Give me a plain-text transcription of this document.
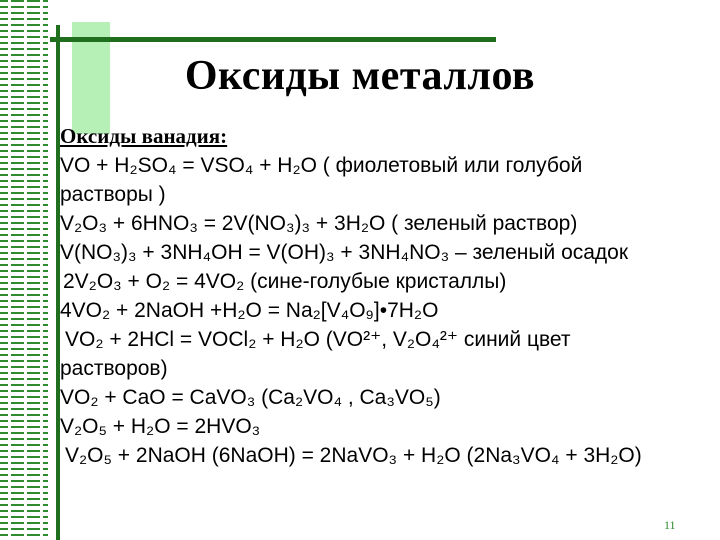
Оксиды металлов
Оксиды ванадия:
VO + H₂SO₄ = VSO₄ + H₂O ( фиолетовый или голубой
растворы )
V₂O₃ + 6HNO₃ = 2V(NO₃)₃ + 3H₂O ( зеленый раствор)
V(NO₃)₃ + 3NH₄OH = V(OH)₃ + 3NH₄NO₃ – зеленый осадок
2V₂O₃ + O₂ = 4VO₂ (сине-голубые кристаллы)
4VO₂ + 2NaOH +H₂O = Na₂[V₄O₉]•7H₂O
VO₂ + 2HCl = VOCl₂ + H₂O (VO²⁺, V₂O₄²⁺ синий цвет
растворов)
VO₂ + CaO = CaVO₃ (Ca₂VO₄ , Ca₃VO₅)
V₂O₅ + H₂O = 2HVO₃
V₂O₅ + 2NaOH (6NaOH) = 2NaVO₃ + H₂O (2Na₃VO₄ + 3H₂O)
11
